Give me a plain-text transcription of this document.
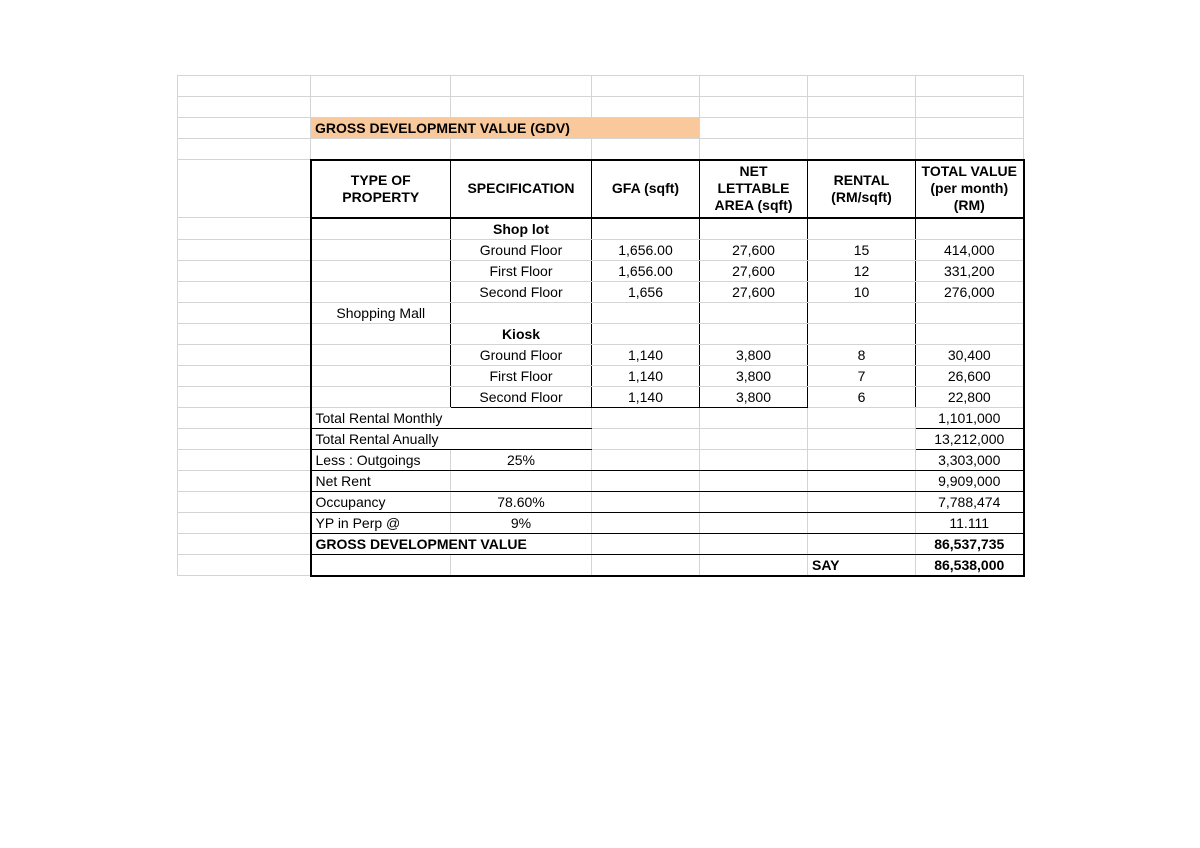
	GROSS DEVELOPMENT VALUE (GDV)					

	TYPE OF PROPERTY	SPECIFICATION	GFA (sqft)	NET LETTABLE AREA (sqft)	RENTAL (RM/sqft)	TOTAL VALUE (per month) (RM)
		Shop lot				
		Ground Floor	1,656.00	27,600	15	414,000
		First Floor	1,656.00	27,600	12	331,200
		Second Floor	1,656	27,600	10	276,000
	Shopping Mall					
		Kiosk				
		Ground Floor	1,140	3,800	8	30,400
		First Floor	1,140	3,800	7	26,600
		Second Floor	1,140	3,800	6	22,800
	Total Rental Monthly					1,101,000
	Total Rental Anually					13,212,000
	Less : Outgoings	25%				3,303,000
	Net Rent					9,909,000
	Occupancy	78.60%				7,788,474
	YP in Perp @	9%				11.111
	GROSS DEVELOPMENT VALUE					86,537,735
					SAY	86,538,000
